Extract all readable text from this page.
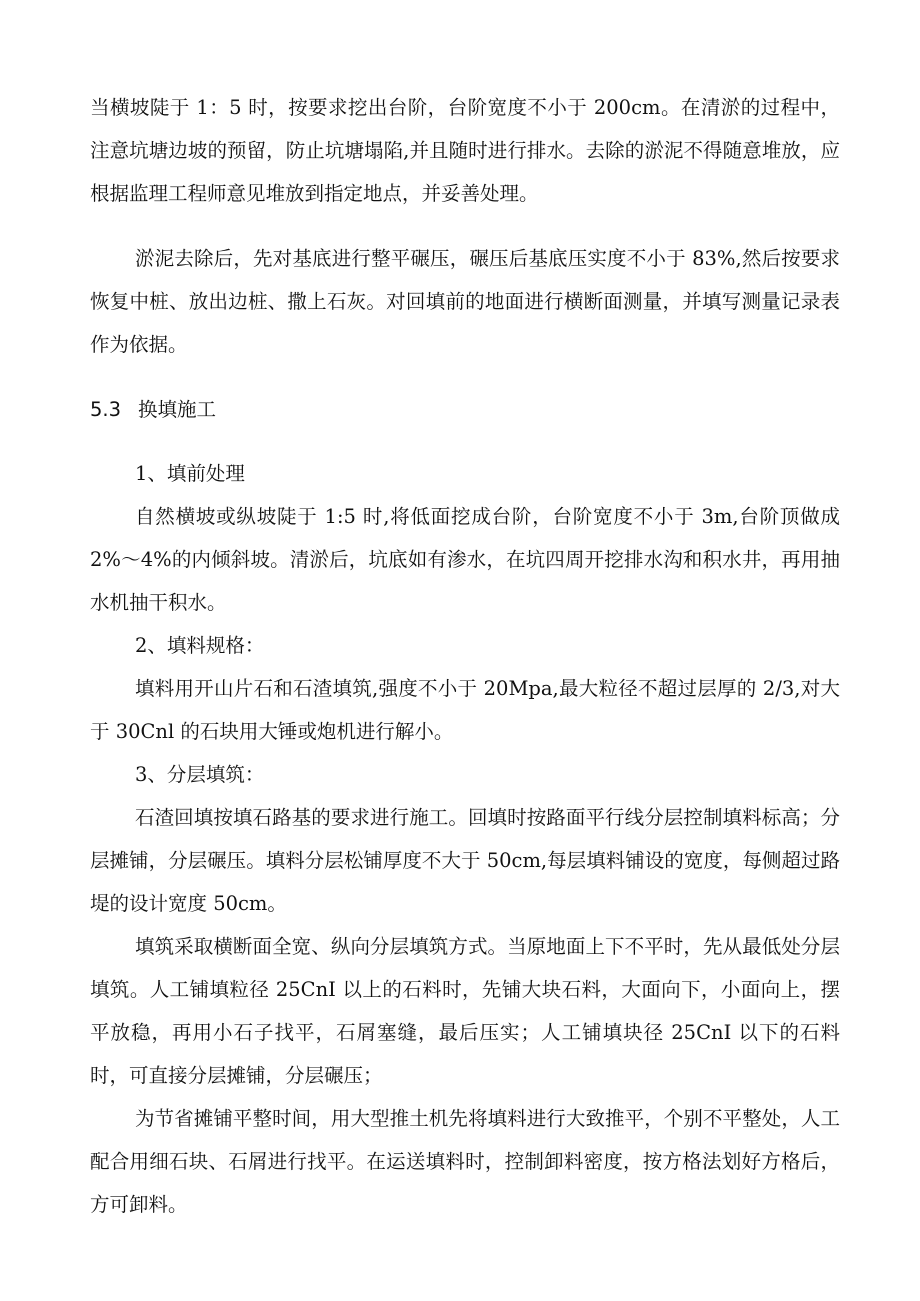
当横坡陡于 1：5 时，按要求挖出台阶，台阶宽度不小于 200cm。在清淤的过程中，注意坑塘边坡的预留，防止坑塘塌陷,并且随时进行排水。去除的淤泥不得随意堆放，应根据监理工程师意见堆放到指定地点，并妥善处理。

淤泥去除后，先对基底进行整平碾压，碾压后基底压实度不小于 83%,然后按要求恢复中桩、放出边桩、撒上石灰。对回填前的地面进行横断面测量，并填写测量记录表作为依据。

5.3 换填施工
1、填前处理

自然横坡或纵坡陡于 1:5 时,将低面挖成台阶，台阶宽度不小于 3m,台阶顶做成2%～4%的内倾斜坡。清淤后，坑底如有渗水，在坑四周开挖排水沟和积水井，再用抽水机抽干积水。

2、填料规格：

填料用开山片石和石渣填筑,强度不小于 20Mpa,最大粒径不超过层厚的 2/3,对大于 30Cnl 的石块用大锤或炮机进行解小。

3、分层填筑：

石渣回填按填石路基的要求进行施工。回填时按路面平行线分层控制填料标高；分层摊铺，分层碾压。填料分层松铺厚度不大于 50cm,每层填料铺设的宽度，每侧超过路堤的设计宽度 50cm。

填筑采取横断面全宽、纵向分层填筑方式。当原地面上下不平时，先从最低处分层填筑。人工铺填粒径 25CnI 以上的石料时，先铺大块石料，大面向下，小面向上，摆平放稳，再用小石子找平，石屑塞缝，最后压实；人工铺填块径 25CnI 以下的石料时，可直接分层摊铺，分层碾压；

为节省摊铺平整时间，用大型推土机先将填料进行大致推平，个别不平整处，人工配合用细石块、石屑进行找平。在运送填料时，控制卸料密度，按方格法划好方格后，方可卸料。
